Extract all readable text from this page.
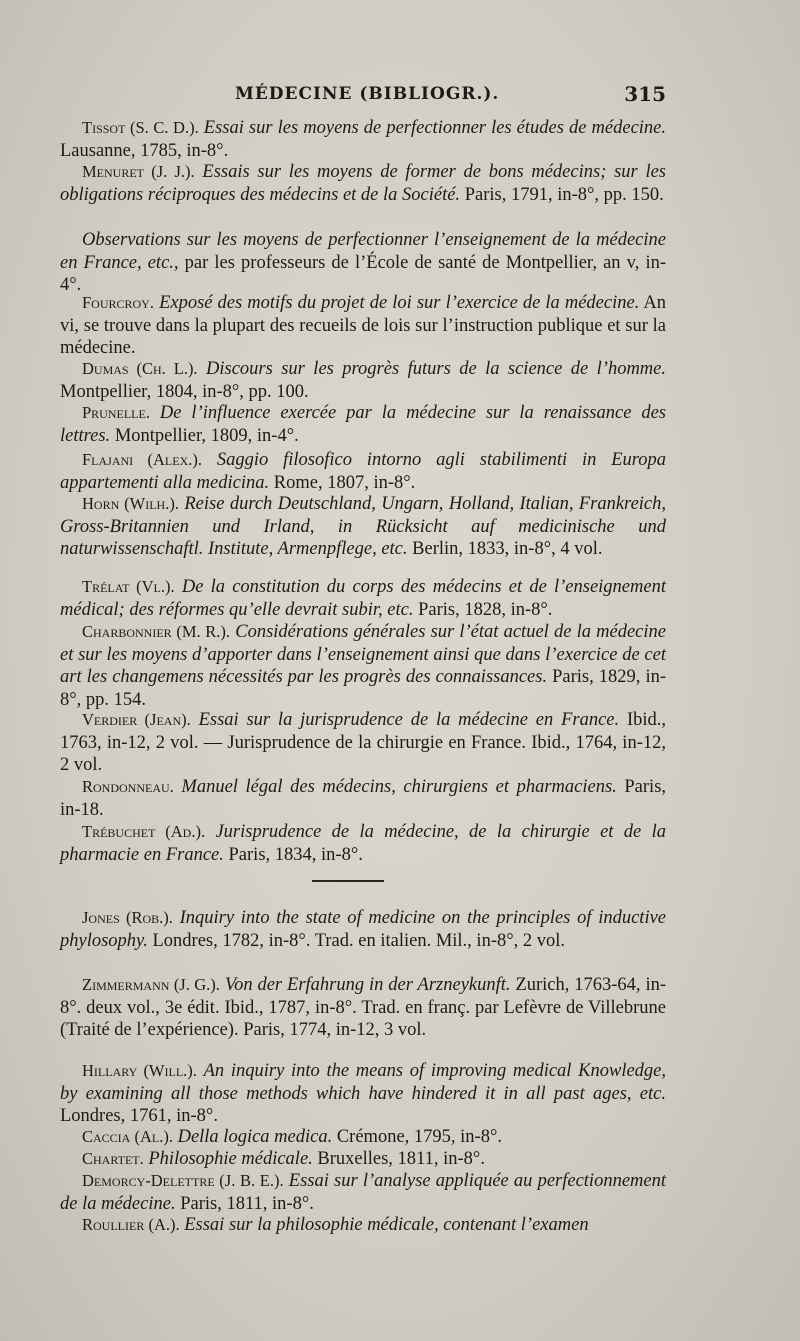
MÉDECINE (BIBLIOGR.).	315
Tissot (S. C. D.). Essai sur les moyens de perfectionner les études de médecine. Lausanne, 1785, in-8°.
Menuret (J. J.). Essais sur les moyens de former de bons médecins; sur les obligations réciproques des médecins et de la Société. Paris, 1791, in-8°, pp. 150.
Observations sur les moyens de perfectionner l’enseignement de la médecine en France, etc., par les professeurs de l’École de santé de Montpellier, an v, in-4°.
Fourcroy. Exposé des motifs du projet de loi sur l’exercice de la médecine. An vi, se trouve dans la plupart des recueils de lois sur l’instruction publique et sur la médecine.
Dumas (Ch. L.). Discours sur les progrès futurs de la science de l’homme. Montpellier, 1804, in-8°, pp. 100.
Prunelle. De l’influence exercée par la médecine sur la renaissance des lettres. Montpellier, 1809, in-4°.
Flajani (Alex.). Saggio filosofico intorno agli stabilimenti in Europa appartementi alla medicina. Rome, 1807, in-8°.
Horn (Wilh.). Reise durch Deutschland, Ungarn, Holland, Italian, Frankreich, Gross-Britannien und Irland, in Rücksicht auf medicinische und naturwissenschaftl. Institute, Armenpflege, etc. Berlin, 1833, in-8°, 4 vol.
Trélat (Vl.). De la constitution du corps des médecins et de l’enseignement médical; des réformes qu’elle devrait subir, etc. Paris, 1828, in-8°.
Charbonnier (M. R.). Considérations générales sur l’état actuel de la médecine et sur les moyens d’apporter dans l’enseignement ainsi que dans l’exercice de cet art les changemens nécessités par les progrès des connaissances. Paris, 1829, in-8°, pp. 154.
Verdier (Jean). Essai sur la jurisprudence de la médecine en France. Ibid., 1763, in-12, 2 vol. — Jurisprudence de la chirurgie en France. Ibid., 1764, in-12, 2 vol.
Rondonneau. Manuel légal des médecins, chirurgiens et pharmaciens. Paris, in-18.
Trébuchet (Ad.). Jurisprudence de la médecine, de la chirurgie et de la pharmacie en France. Paris, 1834, in-8°.
Jones (Rob.). Inquiry into the state of medicine on the principles of inductive phylosophy. Londres, 1782, in-8°. Trad. en italien. Mil., in-8°, 2 vol.
Zimmermann (J. G.). Von der Erfahrung in der Arzneykunft. Zurich, 1763-64, in-8°. deux vol., 3e édit. Ibid., 1787, in-8°. Trad. en franç. par Lefèvre de Villebrune (Traité de l’expérience). Paris, 1774, in-12, 3 vol.
Hillary (Will.). An inquiry into the means of improving medical Knowledge, by examining all those methods which have hindered it in all past ages, etc. Londres, 1761, in-8°.
Caccia (Al.). Della logica medica. Crémone, 1795, in-8°.
Chartet. Philosophie médicale. Bruxelles, 1811, in-8°.
Demorcy-Delettre (J. B. E.). Essai sur l’analyse appliquée au perfectionnement de la médecine. Paris, 1811, in-8°.
Roullier (A.). Essai sur la philosophie médicale, contenant l’examen
